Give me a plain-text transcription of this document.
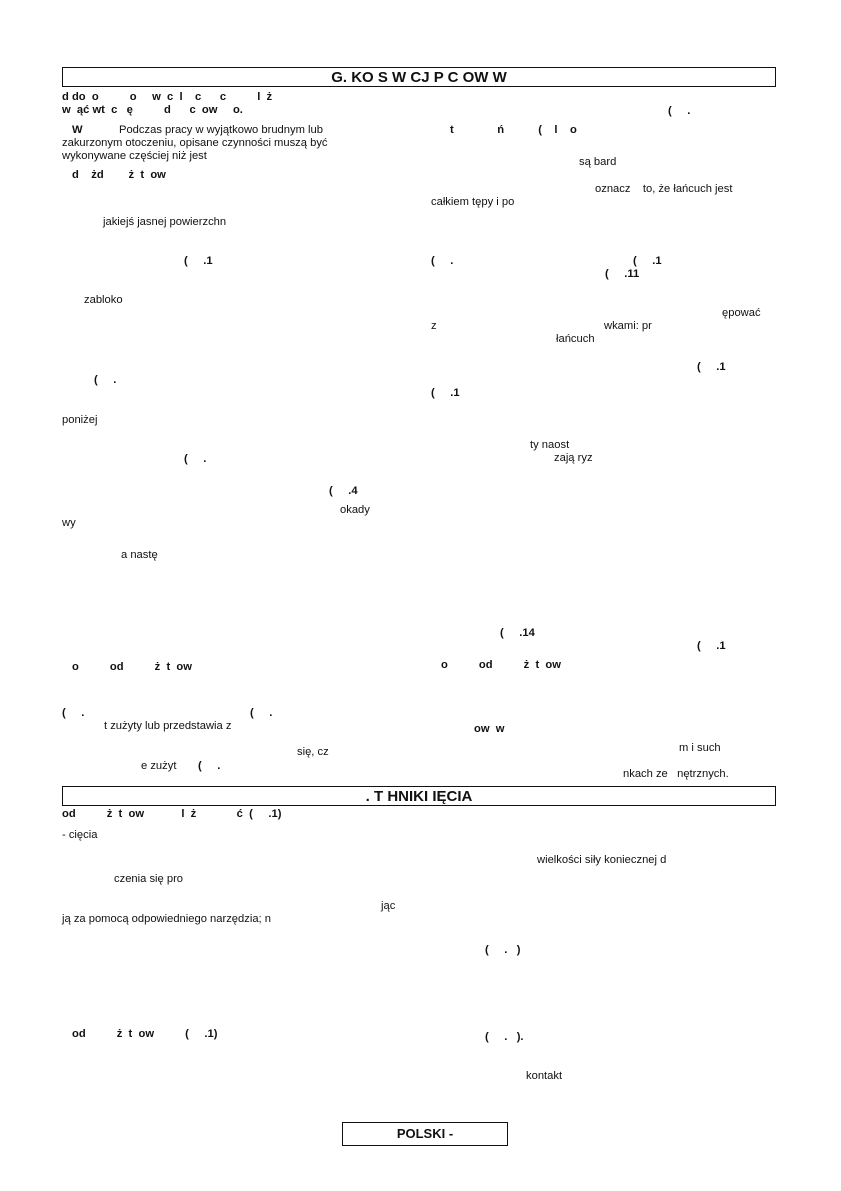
G. KO S W CJ P C OW W
d do  o          o     w  c  l    c      c          l  ż
w  ąć wt  c   ę          d      c  ow     o.
W	Podczas pracy w wyjątkowo brudnym lub
zakurzonym otoczeniu, opisane czynności muszą być
wykonywane częściej niż jest
d    żd        ż  t  ow
jakiejś jasnej powierzchn
(     .1
zabloko
(     .
poniżej
(     .
(     .4
okady
wy
a nastę
o          od          ż  t  ow
(     .	(     .
t zużyty lub przedstawia z
się, cz
e zużyt (     .
(     .
t              ń           (    l    o
są bard
oznacz    to, że łańcuch jest
całkiem tępy i po
(     .	(     .1
(     .11
ępować
z	wkami: pr
łańcuch
(     .1
(     .1
ty naost
zają ryz
(     .14
(     .1
o          od          ż  t  ow
ow  w
m i such
nkach ze   nętrznych.
. T HNIKI IĘCIA
od          ż  t  ow            l  ż             ć  (     .1)
- cięcia
czenia się pro
jąc
ją za pomocą odpowiedniego narzędzia; n
od          ż  t  ow          (     .1)
wielkości siły koniecznej d
(     .   )
(     .   ).
kontakt
POLSKI -
